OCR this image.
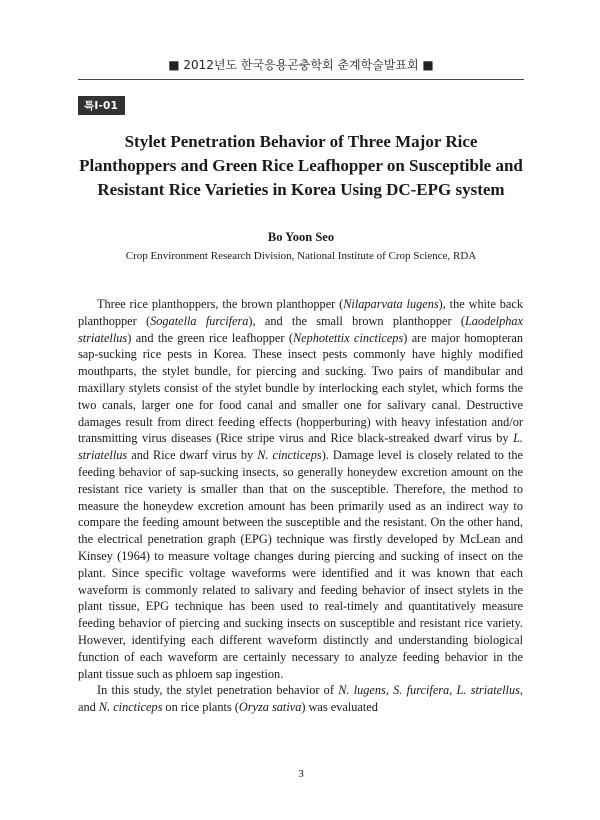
■ 2012년도 한국응용곤충학회 춘계학술발표회 ■
특I-01
Stylet Penetration Behavior of Three Major Rice Planthoppers and Green Rice Leafhopper on Susceptible and Resistant Rice Varieties in Korea Using DC-EPG system
Bo Yoon Seo
Crop Environment Research Division, National Institute of Crop Science, RDA

Three rice planthoppers, the brown planthopper (Nilaparvata lugens), the white back planthopper (Sogatella furcifera), and the small brown planthopper (Laodelphax striatellus) and the green rice leafhopper (Nephotettix cincticeps) are major homopteran sap-sucking rice pests in Korea. These insect pests commonly have highly modified mouthparts, the stylet bundle, for piercing and sucking. Two pairs of mandibular and maxillary stylets consist of the stylet bundle by interlocking each stylet, which forms the two canals, larger one for food canal and smaller one for salivary canal. Destructive damages result from direct feeding effects (hopperburing) with heavy infestation and/or transmitting virus diseases (Rice stripe virus and Rice black-streaked dwarf virus by L. striatellus and Rice dwarf virus by N. cincticeps). Damage level is closely related to the feeding behavior of sap-sucking insects, so generally honeydew excretion amount on the resistant rice variety is smaller than that on the susceptible. Therefore, the method to measure the honeydew excretion amount has been primarily used as an indirect way to compare the feeding amount between the susceptible and the resistant. On the other hand, the electrical penetration graph (EPG) technique was firstly developed by McLean and Kinsey (1964) to measure voltage changes during piercing and sucking of insect on the plant. Since specific voltage waveforms were identified and it was known that each waveform is commonly related to salivary and feeding behavior of insect stylets in the plant tissue, EPG technique has been used to real-timely and quantitatively measure feeding behavior of piercing and sucking insects on susceptible and resistant rice variety. However, identifying each different waveform distinctly and understanding biological function of each waveform are certainly necessary to analyze feeding behavior in the plant tissue such as phloem sap ingestion.

In this study, the stylet penetration behavior of N. lugens, S. furcifera, L. striatellus, and N. cincticeps on rice plants (Oryza sativa) was evaluated

3
